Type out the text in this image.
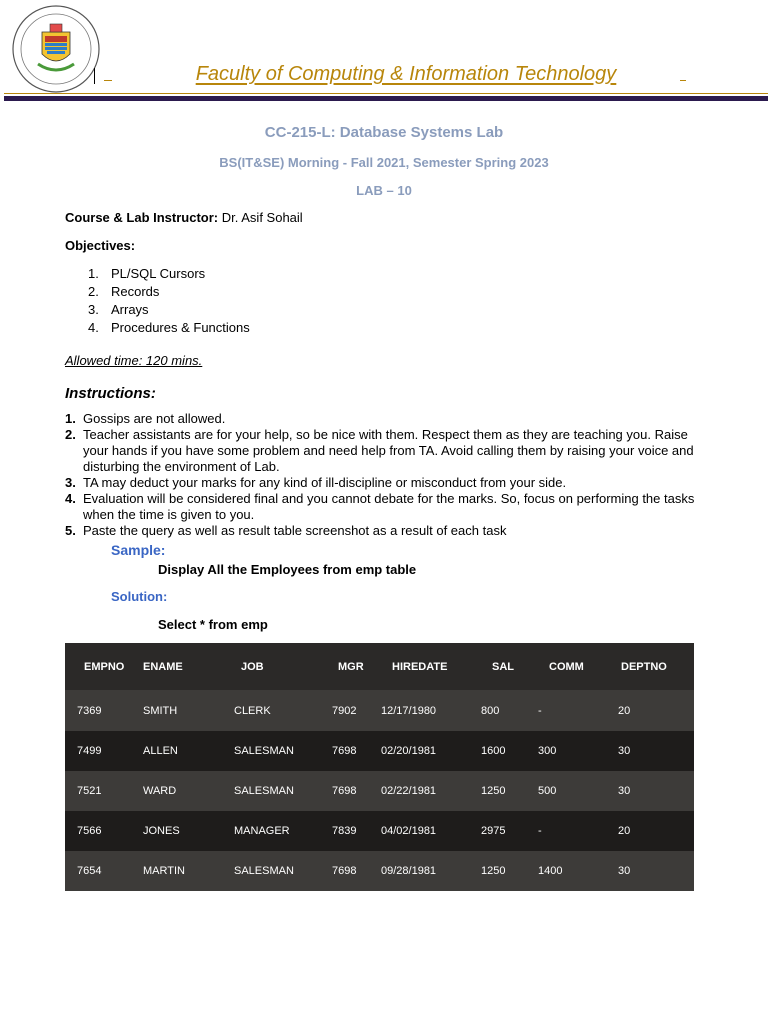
Faculty of Computing & Information Technology
CC-215-L: Database Systems Lab
BS(IT&SE) Morning - Fall 2021, Semester Spring 2023
LAB – 10
Course & Lab Instructor: Dr. Asif Sohail
Objectives:
1. PL/SQL Cursors
2. Records
3. Arrays
4. Procedures & Functions
Allowed time: 120 mins.
Instructions:
1. Gossips are not allowed.
2. Teacher assistants are for your help, so be nice with them. Respect them as they are teaching you. Raise your hands if you have some problem and need help from TA. Avoid calling them by raising your voice and disturbing the environment of Lab.
3. TA may deduct your marks for any kind of ill-discipline or misconduct from your side.
4. Evaluation will be considered final and you cannot debate for the marks. So, focus on performing the tasks when the time is given to you.
5. Paste the query as well as result table screenshot as a result of each task
Sample:
Display All the Employees from emp table
Solution:
Select * from emp
EMPNO	ENAME	JOB	MGR	HIREDATE	SAL	COMM	DEPTNO
7369	SMITH	CLERK	7902	12/17/1980	800	-	20
7499	ALLEN	SALESMAN	7698	02/20/1981	1600	300	30
7521	WARD	SALESMAN	7698	02/22/1981	1250	500	30
7566	JONES	MANAGER	7839	04/02/1981	2975	-	20
7654	MARTIN	SALESMAN	7698	09/28/1981	1250	1400	30
